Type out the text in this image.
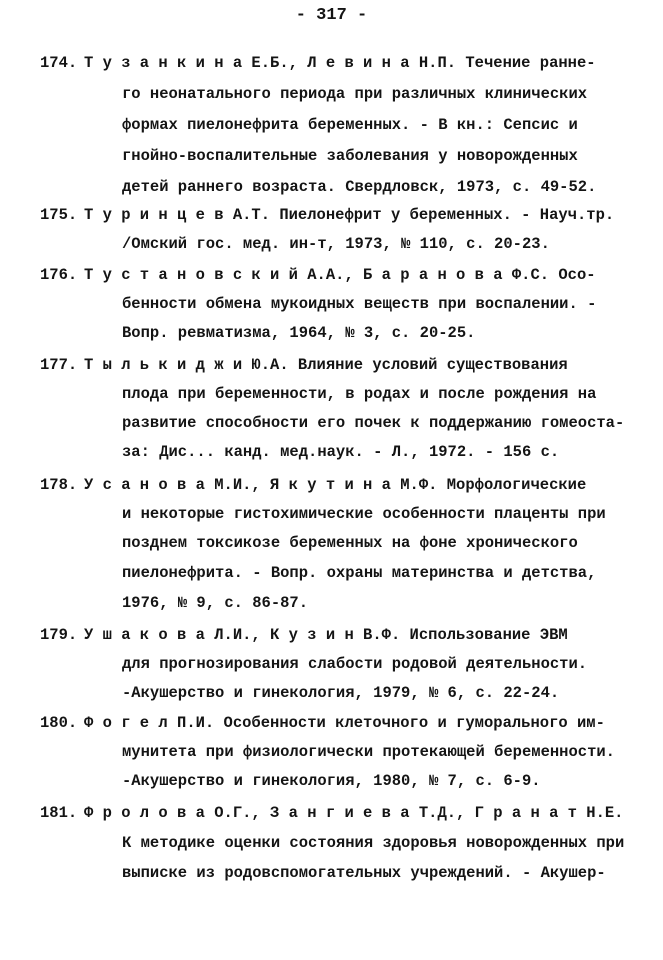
- 317 -
174. Т у з а н к и н а Е.Б., Л е в и н а Н.П. Течение ранне-
го неонатального периода при различных клинических
формах пиелонефрита беременных. - В кн.: Сепсис и
гнойно-воспалительные заболевания у новорожденных
детей раннего возраста. Свердловск, 1973, с. 49-52.
175. Т у р и н ц е в А.Т. Пиелонефрит у беременных. - Науч.тр.
/Омский гос. мед. ин-т, 1973, № 110, с. 20-23.
176. Т у с т а н о в с к и й А.А., Б а р а н о в а Ф.С. Осо-
бенности обмена мукоидных веществ при воспалении. -
Вопр. ревматизма, 1964, № 3, с. 20-25.
177. Т ы л ь к и д ж и Ю.А. Влияние условий существования
плода при беременности, в родах и после рождения на
развитие способности его почек к поддержанию гомеоста-
за: Дис... канд. мед.наук. - Л., 1972. - 156 с.
178. У с а н о в а М.И., Я к у т и н а М.Ф. Морфологические
и некоторые гистохимические особенности плаценты при
позднем токсикозе беременных на фоне хронического
пиелонефрита. - Вопр. охраны материнства и детства,
1976, № 9, с. 86-87.
179. У ш а к о в а Л.И., К у з и н В.Ф. Использование ЭВМ
для прогнозирования слабости родовой деятельности.
-Акушерство и гинекология, 1979, № 6, с. 22-24.
180. Ф о г е л П.И. Особенности клеточного и гуморального им-
мунитета при физиологически протекающей беременности.
-Акушерство и гинекология, 1980, № 7, с. 6-9.
181. Ф р о л о в а О.Г., З а н г и е в а Т.Д., Г р а н а т Н.Е.
К методике оценки состояния здоровья новорожденных при
выписке из родовспомогательных учреждений. - Акушер-
